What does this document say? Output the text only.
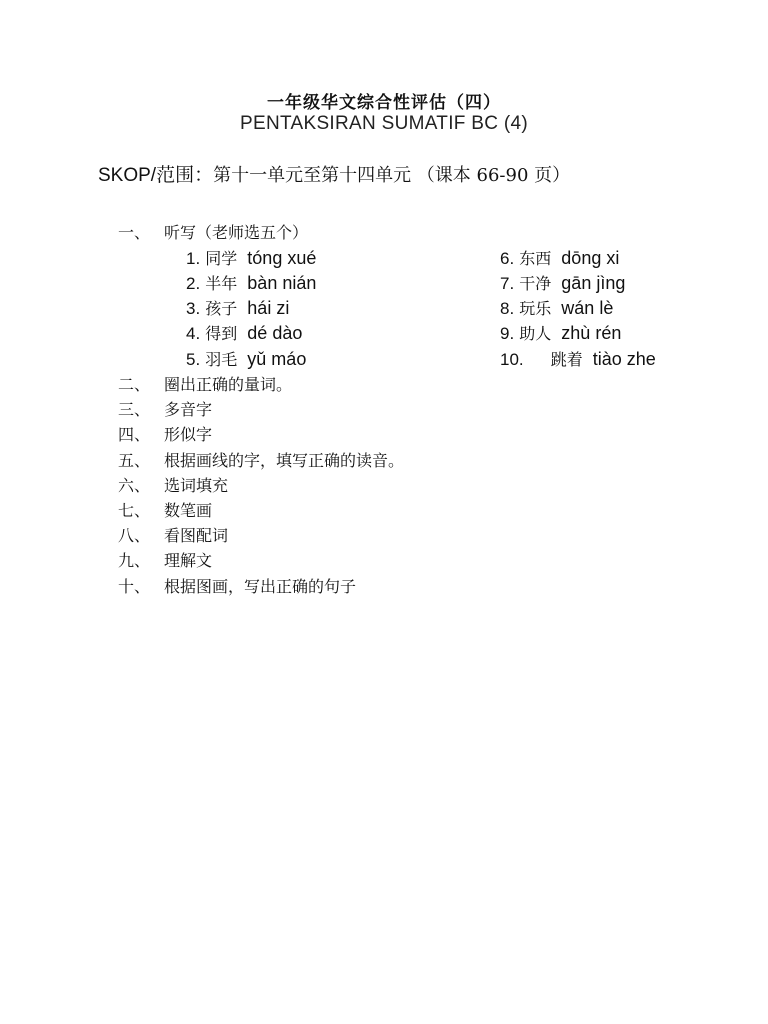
一年级华文综合性评估（四）
PENTAKSIRAN SUMATIF BC (4)
SKOP/范围：第十一单元至第十四单元 （课本 66-90 页）
一、 听写（老师选五个）
1. 同学 tóng xué
2. 半年 bàn nián
3. 孩子 hái zi
4. 得到 dé dào
5. 羽毛 yǔ máo
6. 东西 dōng xi
7. 干净 gān jìng
8. 玩乐 wán lè
9. 助人 zhù rén
10. 跳着 tiào zhe
二、 圈出正确的量词。
三、 多音字
四、 形似字
五、 根据画线的字，填写正确的读音。
六、 选词填充
七、 数笔画
八、 看图配词
九、 理解文
十、 根据图画，写出正确的句子
